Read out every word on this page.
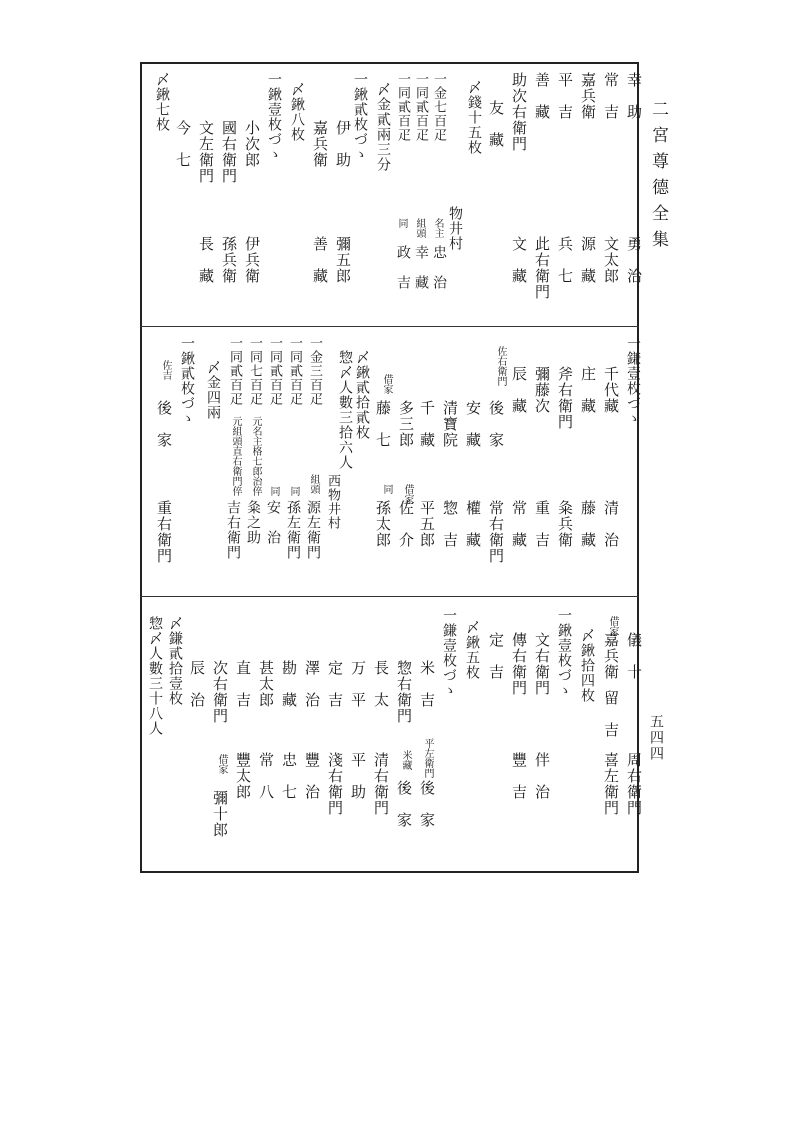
二宮尊德全集
五四四
幸　助
勇　治
常　吉
文太郎
嘉兵衛
源　藏
平　吉
兵　七
善　藏
此右衛門
助次右衛門
文　藏
友　藏
〆錢十五枚
物井村
一金七百疋
名主
忠　治
一同貳百疋
組頭
幸　藏
一同貳百疋
同
政　吉
〆金貳兩三分
一鍬貳枚づゝ
伊　助
彌五郎
嘉兵衛
善　藏
〆鍬八枚
一鍬壹枚づゝ
小次郎
伊兵衛
國右衛門
孫兵衛
文左衛門
長　藏
今　七
〆鍬七枚
一鎌壹枚づゝ
千代藏
清　治
庄　藏
藤　藏
斧右衛門
粂兵衛
彌藤次
重　吉
辰　藏
常　藏
佐右衛門
後　家
常右衛門
安　藏
權　藏
清寶院
惣　吉
千　藏
平五郎
多三郎
借家
佐　介
借家
藤　七
同
孫太郎
〆鍬貳拾貳枚
惣〆人數三拾六人
西物井村
一金三百疋
組頭
源左衛門
一同貳百疋
同
孫左衛門
一同貳百疋
同
安　治
一同七百疋
元名主格七郎治倅
粂之助
一同貳百疋
元組頭直右衛門倅
吉右衛門
〆金四兩
一鍬貳枚づゝ
佐吉
後　家
重右衛門
儀　十
周右衛門
借家
嘉兵衛
留　吉
喜左衛門
〆鍬拾四枚
一鍬壹枚づゝ
文右衛門
伴　治
傳右衛門
豐　吉
定　吉
〆鍬五枚
一鎌壹枚づゝ
米　吉
平左衛門
後　家
惣右衛門
米藏
後　家
長　太
清右衛門
万　平
平　助
定　吉
淺右衛門
澤　治
豐　治
勘　藏
忠　七
甚太郎
常　八
直　吉
豐太郎
次右衛門
借家
彌十郎
辰　治
〆鎌貳拾壹枚
惣〆人數三十八人
